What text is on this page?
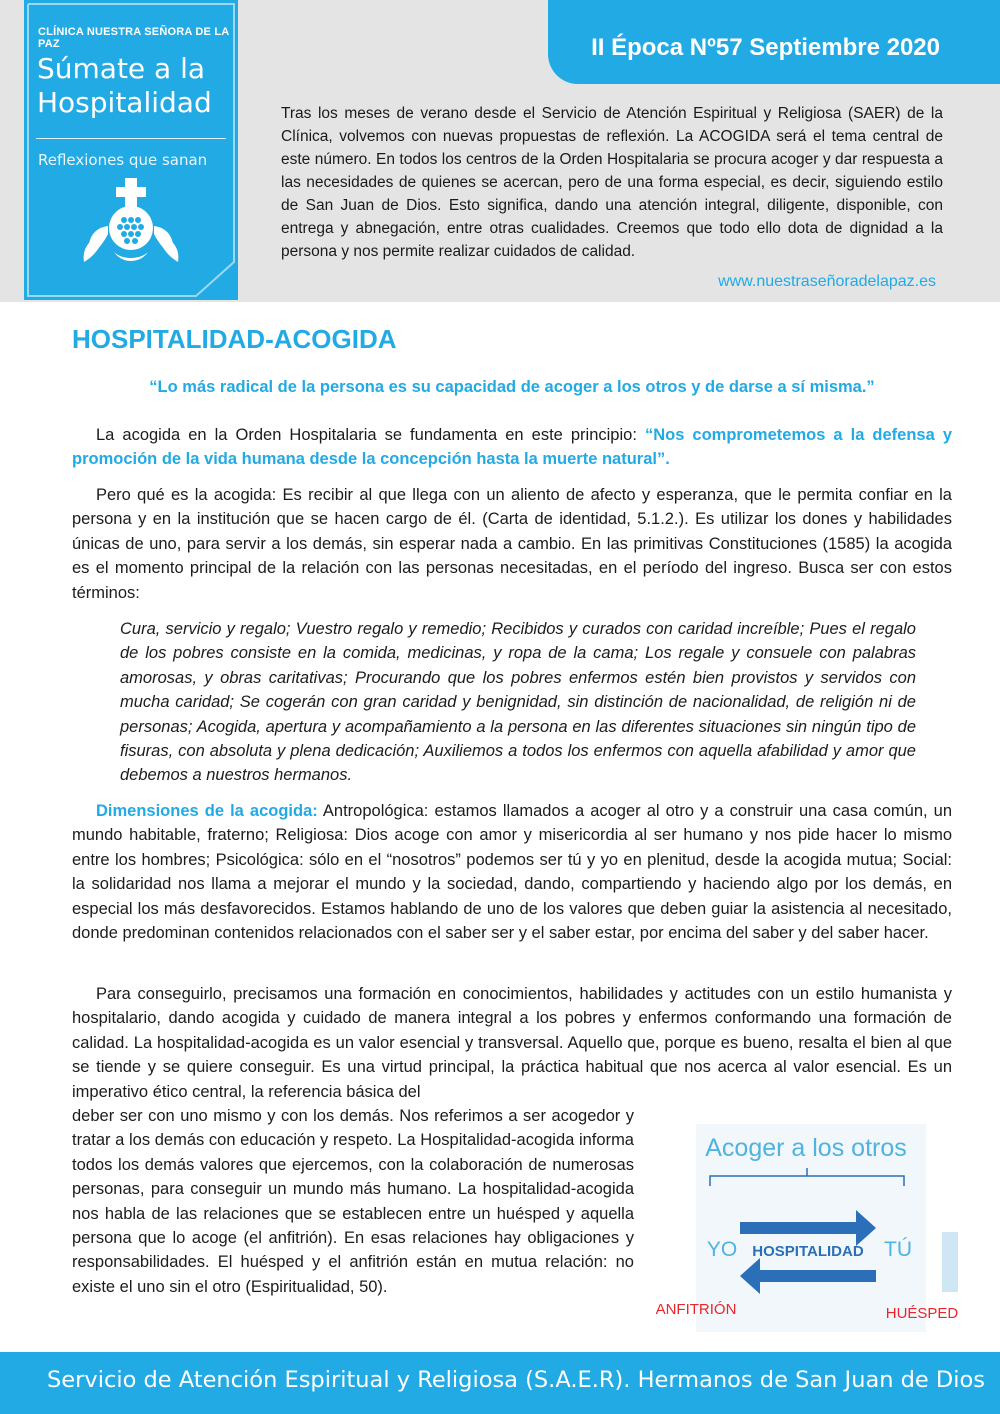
II Época Nº57 Septiembre 2020
CLÍNICA NUESTRA SEÑORA DE LA PAZ
Súmate a la
Hospitalidad
Reflexiones que sanan

Tras los meses de verano desde el Servicio de Atención Espiritual y Religiosa (SAER) de la Clínica, volvemos con nuevas propuestas de reflexión. La ACOGIDA será el tema central de este número. En todos los centros de la Orden Hospitalaria se procura acoger y dar respuesta a las necesidades de quienes se acercan, pero de una forma especial, es decir, siguiendo estilo de San Juan de Dios. Esto significa, dando una atención integral, diligente, disponible, con entrega y abnegación, entre otras cualidades. Creemos que todo ello dota de dignidad a la persona y nos permite realizar cuidados de calidad.

www.nuestraseñoradelapaz.es
HOSPITALIDAD-ACOGIDA

“Lo más radical de la persona es su capacidad de acoger a los otros y de darse a sí misma.”

La acogida en la Orden Hospitalaria se fundamenta en este principio: “Nos comprometemos a la defensa y promoción de la vida humana desde la concepción hasta la muerte natural”.

Pero qué es la acogida: Es recibir al que llega con un aliento de afecto y esperanza, que le permita confiar en la persona y en la institución que se hacen cargo de él. (Carta de identidad, 5.1.2.). Es utilizar los dones y habilidades únicas de uno, para servir a los demás, sin esperar nada a cambio. En las primitivas Constituciones (1585) la acogida es el momento principal de la relación con las personas necesitadas, en el período del ingreso. Busca ser con estos términos:

Cura, servicio y regalo; Vuestro regalo y remedio; Recibidos y curados con caridad increíble; Pues el regalo de los pobres consiste en la comida, medicinas, y ropa de la cama; Los regale y consuele con palabras amorosas, y obras caritativas; Procurando que los pobres enfermos estén bien provistos y servidos con mucha caridad; Se cogerán con gran caridad y benignidad, sin distinción de nacionalidad, de religión ni de personas; Acogida, apertura y acompañamiento a la persona en las diferentes situaciones sin ningún tipo de fisuras, con absoluta y plena dedicación; Auxiliemos a todos los enfermos con aquella afabilidad y amor que debemos a nuestros hermanos.

Dimensiones de la acogida: Antropológica: estamos llamados a acoger al otro y a construir una casa común, un mundo habitable, fraterno; Religiosa: Dios acoge con amor y misericordia al ser humano y nos pide hacer lo mismo entre los hombres; Psicológica: sólo en el “nosotros” podemos ser tú y yo en plenitud, desde la acogida mutua; Social: la solidaridad nos llama a mejorar el mundo y la sociedad, dando, compartiendo y haciendo algo por los demás, en especial los más desfavorecidos. Estamos hablando de uno de los valores que deben guiar la asistencia al necesitado, donde predominan contenidos relacionados con el saber ser y el saber estar, por encima del saber y del saber hacer.

Para conseguirlo, precisamos una formación en conocimientos, habilidades y actitudes con un estilo humanista y hospitalario, dando acogida y cuidado de manera integral a los pobres y enfermos conformando una formación de calidad. La hospitalidad-acogida es un valor esencial y transversal. Aquello que, porque es bueno, resalta el bien al que se tiende y se quiere conseguir. Es una virtud principal, la práctica habitual que nos acerca al valor esencial. Es un imperativo ético central, la referencia básica del

deber ser con uno mismo y con los demás. Nos referimos a ser acogedor y tratar a los demás con educación y respeto. La Hospitalidad-acogida informa todos los demás valores que ejercemos, con la colaboración de numerosas personas, para conseguir un mundo más humano. La hospitalidad-acogida nos habla de las relaciones que se establecen entre un huésped y aquella persona que lo acoge (el anfitrión). En esas relaciones hay obligaciones y responsabilidades. El huésped y el anfitrión están en mutua relación: no existe el uno sin el otro (Espiritualidad, 50).

Acoger a los otros
YO	TÚ
HOSPITALIDAD
ANFITRIÓN	HUÉSPED
Servicio de Atención Espiritual y Religiosa (S.A.E.R). Hermanos de San Juan de Dios
